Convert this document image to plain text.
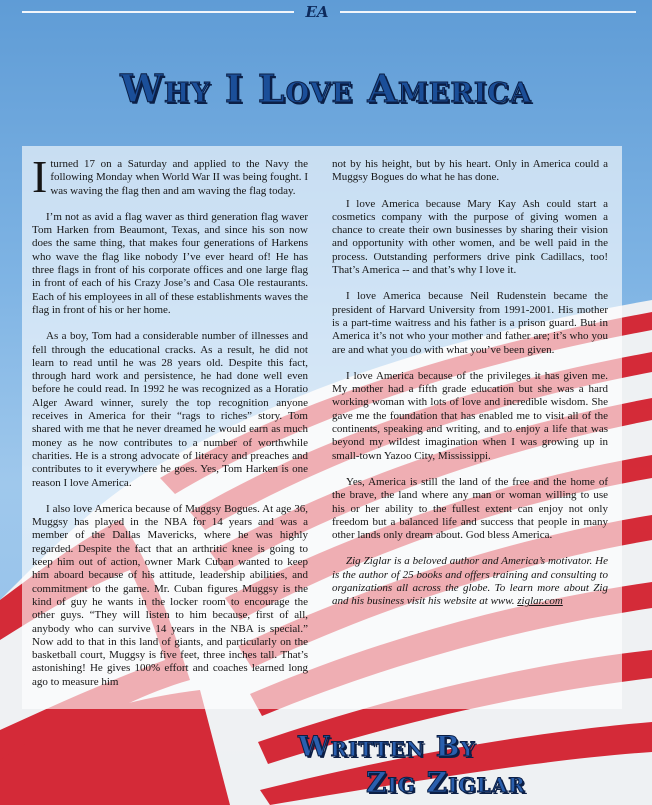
EA
Why I Love America

Iturned 17 on a Saturday and applied to the Navy the following Monday when World War II was being fought. I was waving the flag then and am waving the flag today.

I’m not as avid a flag waver as third generation flag waver Tom Harken from Beaumont, Texas, and since his son now does the same thing, that makes four generations of Harkens who wave the flag like nobody I’ve ever heard of! He has three flags in front of his corporate offices and one large flag in front of each of his Crazy Jose’s and Casa Ole restaurants. Each of his employees in all of these establishments waves the flag in front of his or her home.

As a boy, Tom had a considerable number of illnesses and fell through the educational cracks. As a result, he did not learn to read until he was 28 years old. Despite this fact, through hard work and persistence, he had done well even before he could read. In 1992 he was recognized as a Horatio Alger Award winner, surely the top recognition anyone receives in America for their “rags to riches” story. Tom shared with me that he never dreamed he would earn as much money as he now contributes to a number of worthwhile charities. He is a strong advocate of literacy and preaches and contributes to it everywhere he goes. Yes, Tom Harken is one reason I love America.

I also love America because of Muggsy Bogues. At age 36, Muggsy has played in the NBA for 14 years and was a member of the Dallas Mavericks, where he was highly regarded. Despite the fact that an arthritic knee is going to keep him out of action, owner Mark Cuban wanted to keep him aboard because of his attitude, leadership abilities, and commitment to the game. Mr. Cuban figures Muggsy is the kind of guy he wants in the locker room to encourage the other guys. “They will listen to him because, first of all, anybody who can survive 14 years in the NBA is special.” Now add to that in this land of giants, and particularly on the basketball court, Muggsy is five feet, three inches tall. That’s astonishing! He gives 100% effort and coaches learned long ago to measure him

not by his height, but by his heart. Only in America could a Muggsy Bogues do what he has done.

I love America because Mary Kay Ash could start a cosmetics company with the purpose of giving women a chance to create their own businesses by sharing their vision and opportunity with other women, and be well paid in the process. Outstanding performers drive pink Cadillacs, too! That’s America -- and that’s why I love it.

I love America because Neil Rudenstein became the president of Harvard University from 1991-2001. His mother is a part-time waitress and his father is a prison guard. But in America it’s not who your mother and father are; it’s who you are and what you do with what you’ve been given.

I love America because of the privileges it has given me. My mother had a fifth grade education but she was a hard working woman with lots of love and incredible wisdom. She gave me the foundation that has enabled me to visit all of the continents, speaking and writing, and to enjoy a life that was beyond my wildest imagination when I was growing up in small-town Yazoo City, Mississippi.

Yes, America is still the land of the free and the home of the brave, the land where any man or woman willing to use his or her ability to the fullest extent can enjoy not only freedom but a balanced life and success that people in many other lands only dream about. God bless America.

Zig Ziglar is a beloved author and America’s motivator. He is the author of 25 books and offers training and consulting to organizations all across the globe. To learn more about Zig and his business visit his website at www. ziglar.com

Written By
Zig Ziglar
